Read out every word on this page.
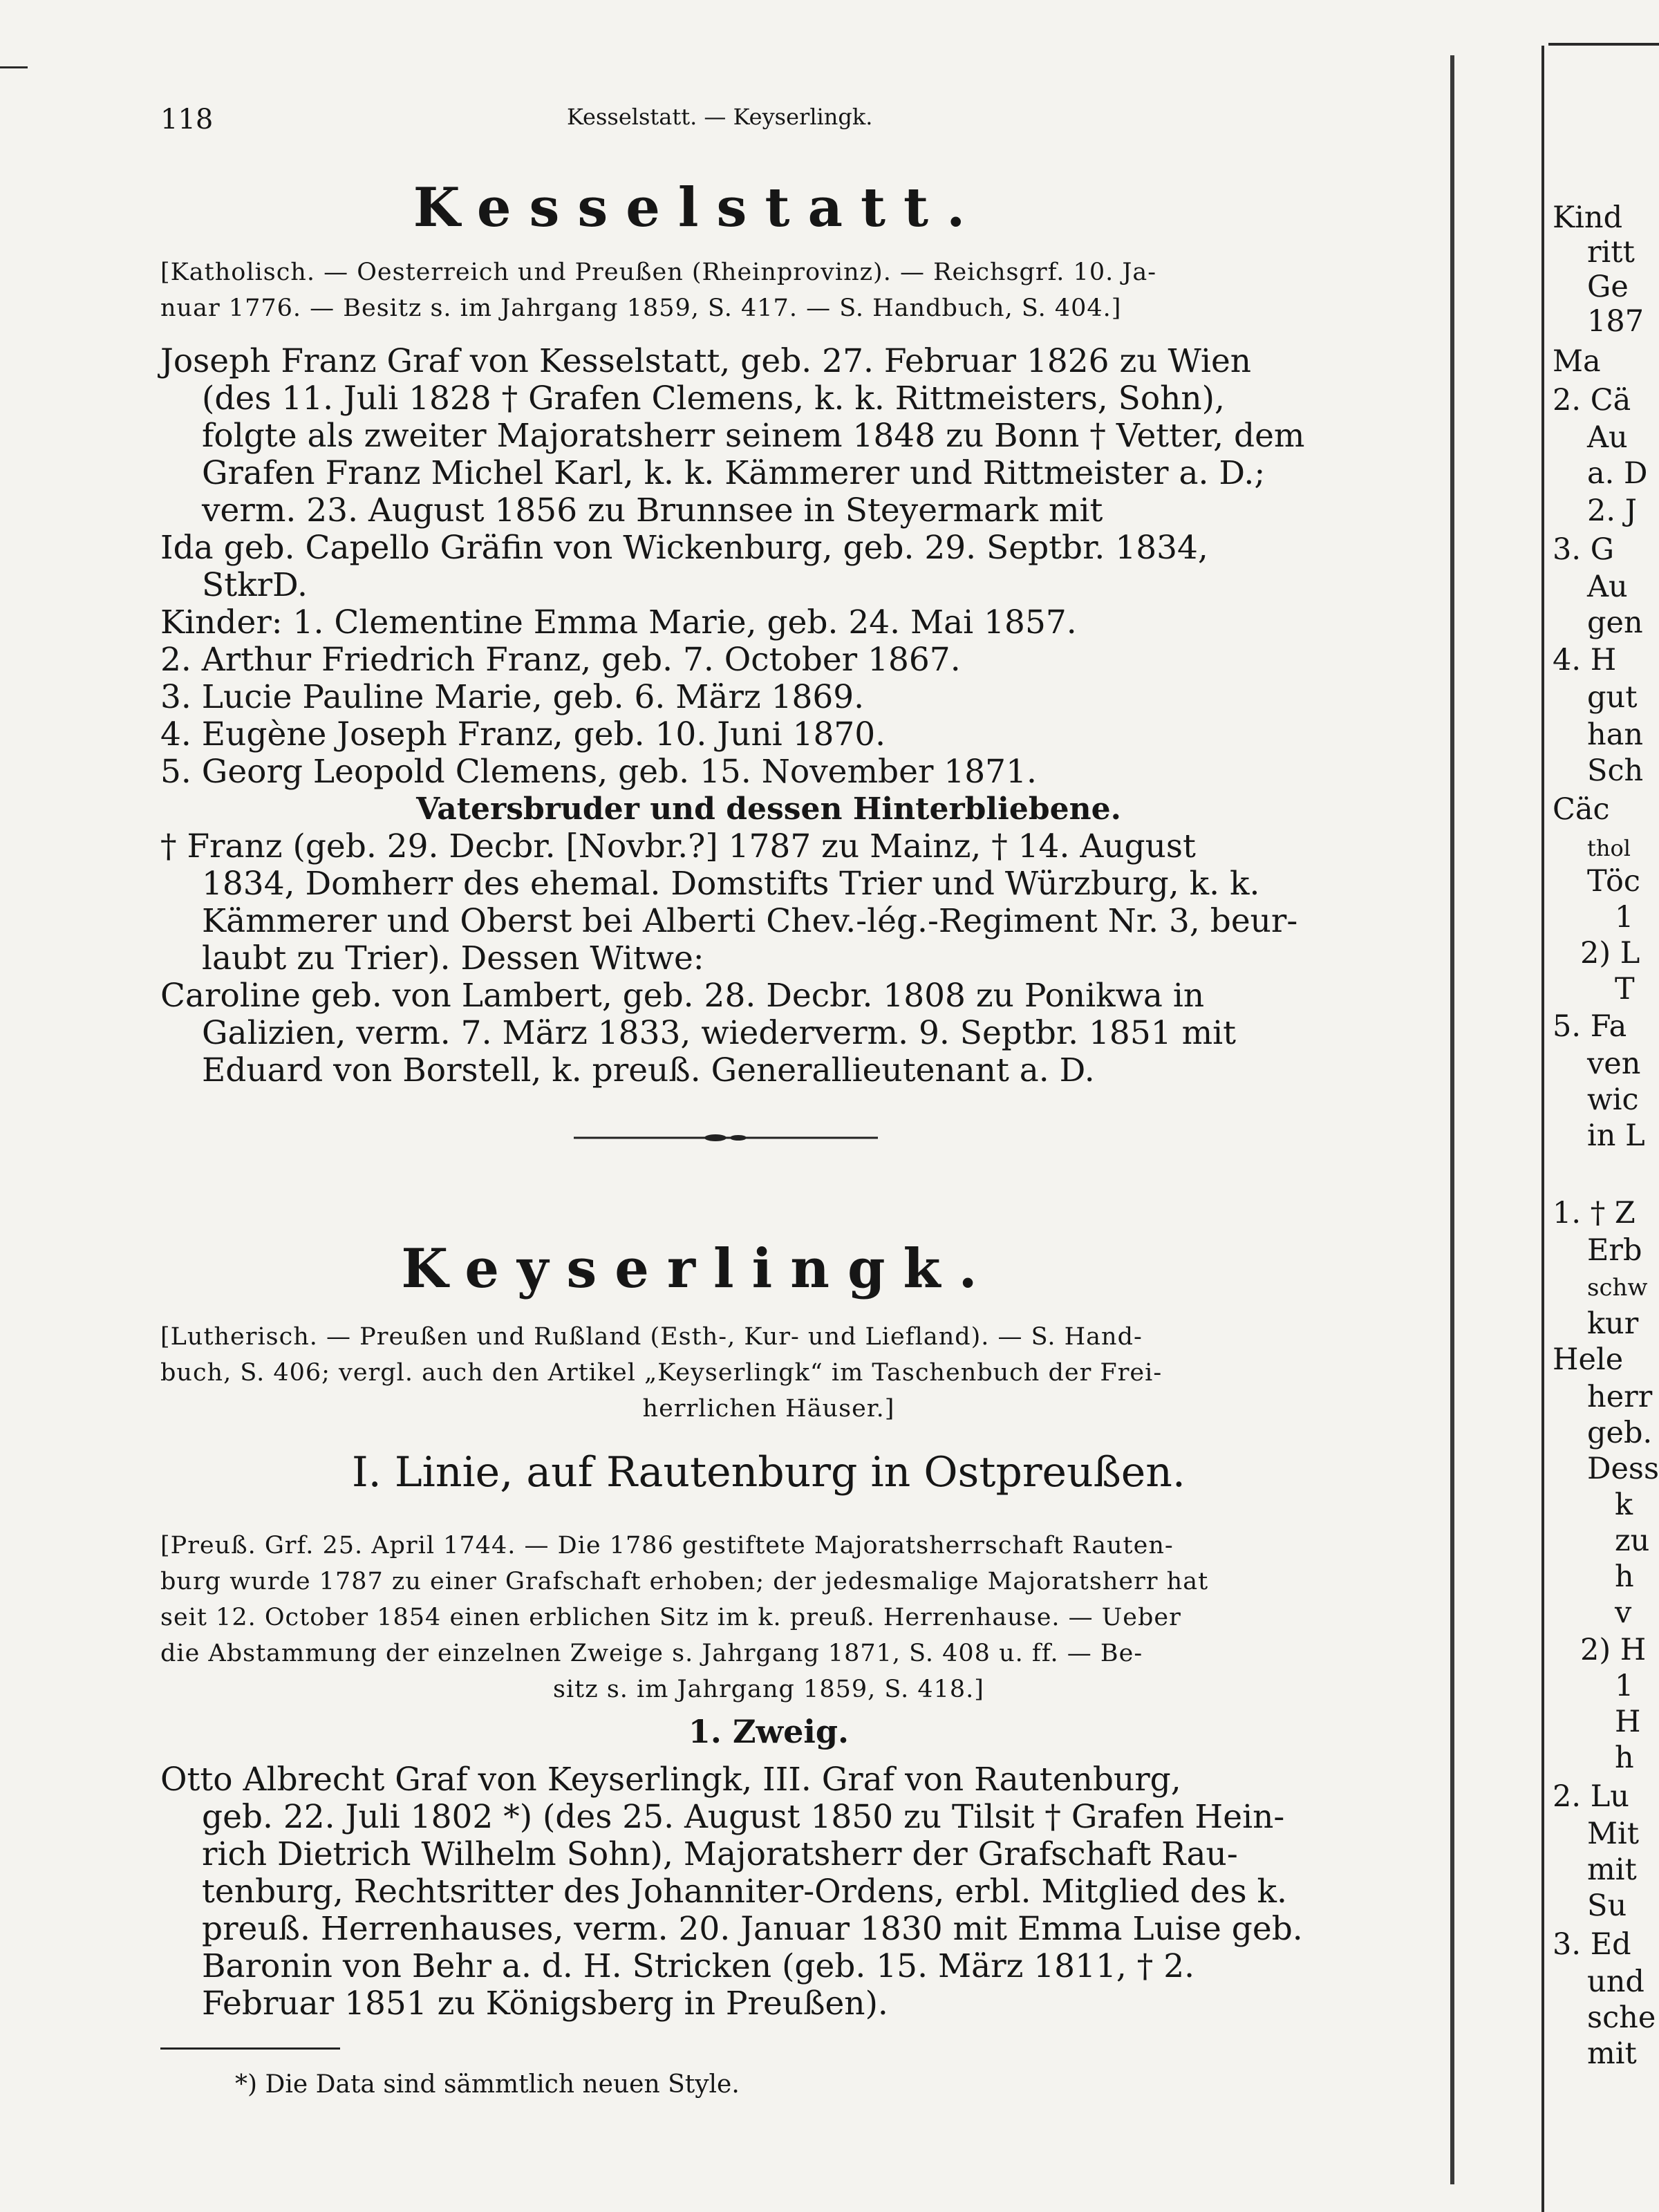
118	Kesselstatt. — Keyserlingk.
Kesselstatt.
[Katholisch. — Oesterreich und Preußen (Rheinprovinz). — Reichsgrf. 10. Ja-
nuar 1776. — Besitz s. im Jahrgang 1859, S. 417. — S. Handbuch, S. 404.]
Joseph Franz Graf von Kesselstatt, geb. 27. Februar 1826 zu Wien
(des 11. Juli 1828 † Grafen Clemens, k. k. Rittmeisters, Sohn),
folgte als zweiter Majoratsherr seinem 1848 zu Bonn † Vetter, dem
Grafen Franz Michel Karl, k. k. Kämmerer und Rittmeister a. D.;
verm. 23. August 1856 zu Brunnsee in Steyermark mit
Ida geb. Capello Gräfin von Wickenburg, geb. 29. Septbr. 1834,
StkrD.
Kinder: 1. Clementine Emma Marie, geb. 24. Mai 1857.
2. Arthur Friedrich Franz, geb. 7. October 1867.
3. Lucie Pauline Marie, geb. 6. März 1869.
4. Eugène Joseph Franz, geb. 10. Juni 1870.
5. Georg Leopold Clemens, geb. 15. November 1871.
Vatersbruder und dessen Hinterbliebene.
† Franz (geb. 29. Decbr. [Novbr.?] 1787 zu Mainz, † 14. August
1834, Domherr des ehemal. Domstifts Trier und Würzburg, k. k.
Kämmerer und Oberst bei Alberti Chev.-lég.-Regiment Nr. 3, beur-
laubt zu Trier). Dessen Witwe:
Caroline geb. von Lambert, geb. 28. Decbr. 1808 zu Ponikwa in
Galizien, verm. 7. März 1833, wiederverm. 9. Septbr. 1851 mit
Eduard von Borstell, k. preuß. Generallieutenant a. D.
Keyserlingk.
[Lutherisch. — Preußen und Rußland (Esth-, Kur- und Liefland). — S. Hand-
buch, S. 406; vergl. auch den Artikel „Keyserlingk“ im Taschenbuch der Frei-
herrlichen Häuser.]
I. Linie, auf Rautenburg in Ostpreußen.
[Preuß. Grf. 25. April 1744. — Die 1786 gestiftete Majoratsherrschaft Rauten-
burg wurde 1787 zu einer Grafschaft erhoben; der jedesmalige Majoratsherr hat
seit 12. October 1854 einen erblichen Sitz im k. preuß. Herrenhause. — Ueber
die Abstammung der einzelnen Zweige s. Jahrgang 1871, S. 408 u. ff. — Be-
sitz s. im Jahrgang 1859, S. 418.]
1. Zweig.
Otto Albrecht Graf von Keyserlingk, III. Graf von Rautenburg,
geb. 22. Juli 1802 *) (des 25. August 1850 zu Tilsit † Grafen Hein-
rich Dietrich Wilhelm Sohn), Majoratsherr der Grafschaft Rau-
tenburg, Rechtsritter des Johanniter-Ordens, erbl. Mitglied des k.
preuß. Herrenhauses, verm. 20. Januar 1830 mit Emma Luise geb.
Baronin von Behr a. d. H. Stricken (geb. 15. März 1811, † 2.
Februar 1851 zu Königsberg in Preußen).
*) Die Data sind sämmtlich neuen Style.
Kind
ritt
Ge
187
Ma
2. Cä
Au
a. D
2. J
3. G
Au
gen
4. H
gut
han
Sch
Cäc
thol
Töc
1
2) L
T
5. Fa
ven
wic
in L
1. † Z
Erb
schw
kur
Hele
herr
geb.
Dess
k
zu
h
v
2) H
1
H
h
2. Lu
Mit
mit
Su
3. Ed
und
sche
mit
